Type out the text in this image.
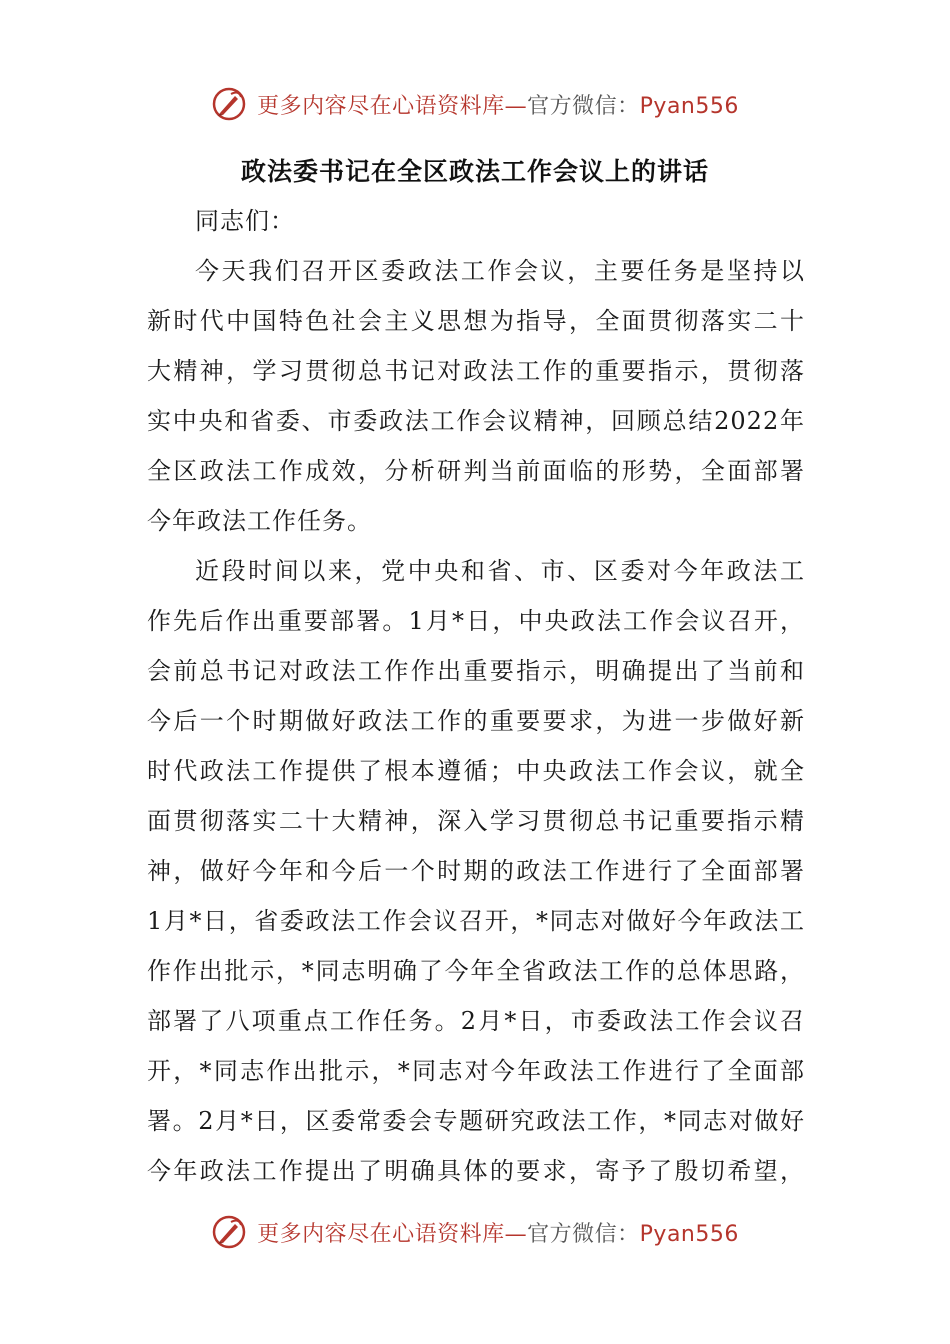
更多内容尽在心语资料库—官方微信：Pyan556
政法委书记在全区政法工作会议上的讲话
同志们：
今天我们召开区委政法工作会议，主要任务是坚持以
新时代中国特色社会主义思想为指导，全面贯彻落实二十
大精神，学习贯彻总书记对政法工作的重要指示，贯彻落
实中央和省委、市委政法工作会议精神，回顾总结2022年
全区政法工作成效，分析研判当前面临的形势，全面部署
今年政法工作任务。
近段时间以来，党中央和省、市、区委对今年政法工
作先后作出重要部署。1月*日，中央政法工作会议召开，
会前总书记对政法工作作出重要指示，明确提出了当前和
今后一个时期做好政法工作的重要要求，为进一步做好新
时代政法工作提供了根本遵循；中央政法工作会议，就全
面贯彻落实二十大精神，深入学习贯彻总书记重要指示精
神，做好今年和今后一个时期的政法工作进行了全面部署
1月*日，省委政法工作会议召开，*同志对做好今年政法工
作作出批示，*同志明确了今年全省政法工作的总体思路，
部署了八项重点工作任务。2月*日，市委政法工作会议召
开，*同志作出批示，*同志对今年政法工作进行了全面部
署。2月*日，区委常委会专题研究政法工作，*同志对做好
今年政法工作提出了明确具体的要求，寄予了殷切希望，
更多内容尽在心语资料库—官方微信：Pyan556
